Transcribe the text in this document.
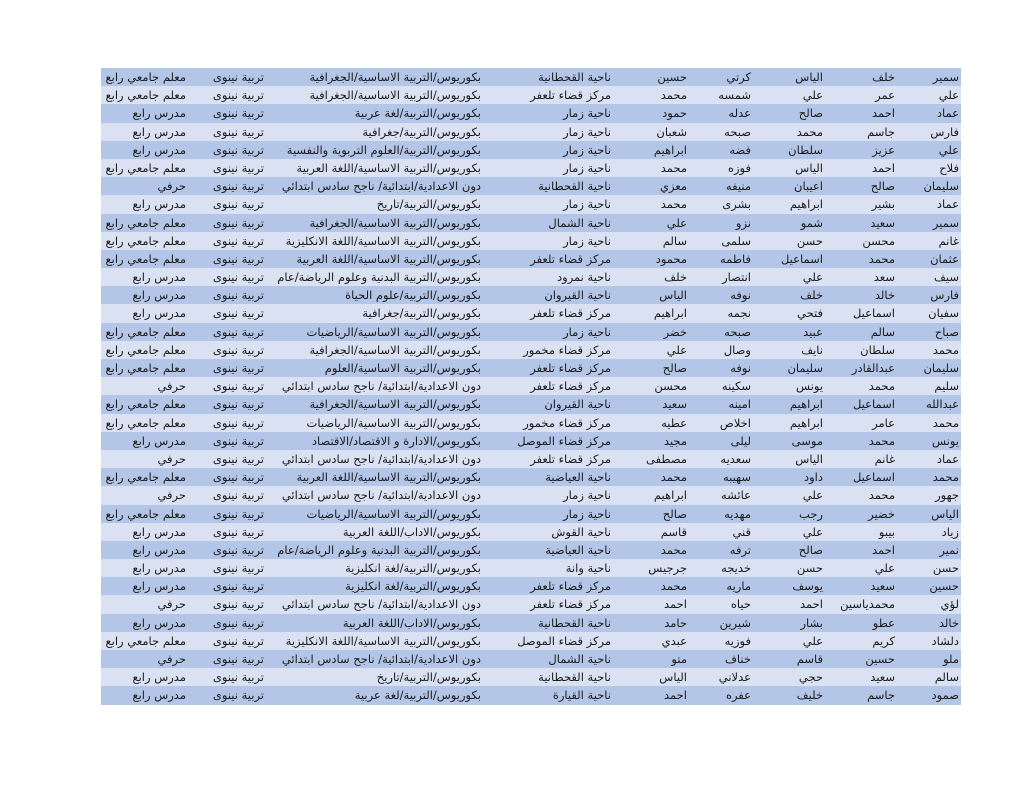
سمير
خلف
الياس
كرتي
حسين
ناحية القحطانية
بكوريوس/التربية الاساسية/الجغرافية
تربية نينوى
معلم جامعي رابع
علي
عمر
علي
شمسه
محمد
مركز قضاء تلعفر
بكوريوس/التربية الاساسية/الجغرافية
تربية نينوى
معلم جامعي رابع
عماد
احمد
صالح
عدله
حمود
ناحية زمار
بكوريوس/التربية/لغة عربية
تربية نينوى
مدرس رابع
فارس
جاسم
محمد
صبحه
شعبان
ناحية زمار
بكوريوس/التربية/جغرافية
تربية نينوى
مدرس رابع
علي
عزيز
سلطان
فضه
ابراهيم
ناحية زمار
بكوريوس/التربية/العلوم التربوية والنفسية
تربية نينوى
مدرس رابع
فلاح
احمد
الياس
فوزه
محمد
ناحية زمار
بكوريوس/التربية الاساسية/اللغة العربية
تربية نينوى
معلم جامعي رابع
سليمان
صالح
اعيبان
منيفه
معزي
ناحية القحطانية
دون الاعدادية/ابتدائية/ ناجح سادس ابتدائي
تربية نينوى
حرفي
عماد
بشير
ابراهيم
بشرى
محمد
ناحية زمار
بكوريوس/التربية/تاريخ
تربية نينوى
مدرس رابع
سمير
سعيد
شمو
نزو
علي
ناحية الشمال
بكوريوس/التربية الاساسية/الجغرافية
تربية نينوى
معلم جامعي رابع
غانم
محسن
حسن
سلمى
سالم
ناحية زمار
بكوريوس/التربية الاساسية/اللغة الانكليزية
تربية نينوى
معلم جامعي رابع
عثمان
محمد
اسماعيل
فاطمه
محمود
مركز قضاء تلعفر
بكوريوس/التربية الاساسية/اللغة العربية
تربية نينوى
معلم جامعي رابع
سيف
سعد
علي
انتصار
خلف
ناحية نمرود
بكوريوس/التربية البدنية وعلوم الرياضة/عام
تربية نينوى
مدرس رابع
فارس
خالد
خلف
نوفه
الياس
ناحية القيروان
بكوريوس/التربية/علوم الحياة
تربية نينوى
مدرس رابع
سفيان
اسماعيل
فتحي
نجمه
ابراهيم
مركز قضاء تلعفر
بكوريوس/التربية/جغرافية
تربية نينوى
مدرس رابع
صباح
سالم
عبيد
صبحه
خضر
ناحية زمار
بكوريوس/التربية الاساسية/الرياضيات
تربية نينوى
معلم جامعي رابع
محمد
سلطان
نايف
وصال
علي
مركز قضاء مخمور
بكوريوس/التربية الاساسية/الجغرافية
تربية نينوى
معلم جامعي رابع
سليمان
عبدالقادر
سليمان
نوفه
صالح
مركز قضاء تلعفر
بكوريوس/التربية الاساسية/العلوم
تربية نينوى
معلم جامعي رابع
سليم
محمد
يونس
سكينه
محسن
مركز قضاء تلعفر
دون الاعدادية/ابتدائية/ ناجح سادس ابتدائي
تربية نينوى
حرفي
عبدالله
اسماعيل
ابراهيم
امينه
سعيد
ناحية القيروان
بكوريوس/التربية الاساسية/الجغرافية
تربية نينوى
معلم جامعي رابع
محمد
عامر
ابراهيم
اخلاص
عطيه
مركز قضاء مخمور
بكوريوس/التربية الاساسية/الرياضيات
تربية نينوى
معلم جامعي رابع
يونس
محمد
موسى
ليلى
مجيد
مركز قضاء الموصل
بكوريوس/الادارة و الاقتصاد/الاقتصاد
تربية نينوى
مدرس رابع
عماد
غانم
الياس
سعديه
مصطفى
مركز قضاء تلعفر
دون الاعدادية/ابتدائية/ ناجح سادس ابتدائي
تربية نينوى
حرفي
محمد
اسماعيل
داود
سهيبه
محمد
ناحية العياضية
بكوريوس/التربية الاساسية/اللغة العربية
تربية نينوى
معلم جامعي رابع
جهور
محمد
علي
عائشه
ابراهيم
ناحية زمار
دون الاعدادية/ابتدائية/ ناجح سادس ابتدائي
تربية نينوى
حرفي
الياس
خضير
رجب
مهديه
صالح
ناحية زمار
بكوريوس/التربية الاساسية/الرياضيات
تربية نينوى
معلم جامعي رابع
زياد
بيبو
علي
قني
قاسم
ناحية القوش
بكوريوس/الاداب/اللغة العربية
تربية نينوى
مدرس رابع
نمير
احمد
صالح
ترفه
محمد
ناحية العياضية
بكوريوس/التربية البدنية وعلوم الرياضة/عام
تربية نينوى
مدرس رابع
حسن
علي
حسن
خديجه
جرجيس
ناحية وانة
بكوريوس/التربية/لغة انكليزية
تربية نينوى
مدرس رابع
حسين
سعيد
يوسف
ماريه
محمد
مركز قضاء تلعفر
بكوريوس/التربية/لغة انكليزية
تربية نينوى
مدرس رابع
لؤي
محمدياسين
احمد
حياه
احمد
مركز قضاء تلعفر
دون الاعدادية/ابتدائية/ ناجح سادس ابتدائي
تربية نينوى
حرفي
خالد
عطو
بشار
شيرين
حامد
ناحية القحطانية
بكوريوس/الاداب/اللغة العربية
تربية نينوى
مدرس رابع
دلشاد
كريم
علي
فوزيه
عبدي
مركز قضاء الموصل
بكوريوس/التربية الاساسية/اللغة الانكليزية
تربية نينوى
معلم جامعي رابع
ملو
حسين
قاسم
خناف
متو
ناحية الشمال
دون الاعدادية/ابتدائية/ ناجح سادس ابتدائي
تربية نينوى
حرفي
سالم
سعيد
حجي
عدلاني
الياس
ناحية القحطانية
بكوريوس/التربية/تاريخ
تربية نينوى
مدرس رابع
صمود
جاسم
خليف
عفره
احمد
ناحية القيارة
بكوريوس/التربية/لغة عربية
تربية نينوى
مدرس رابع
